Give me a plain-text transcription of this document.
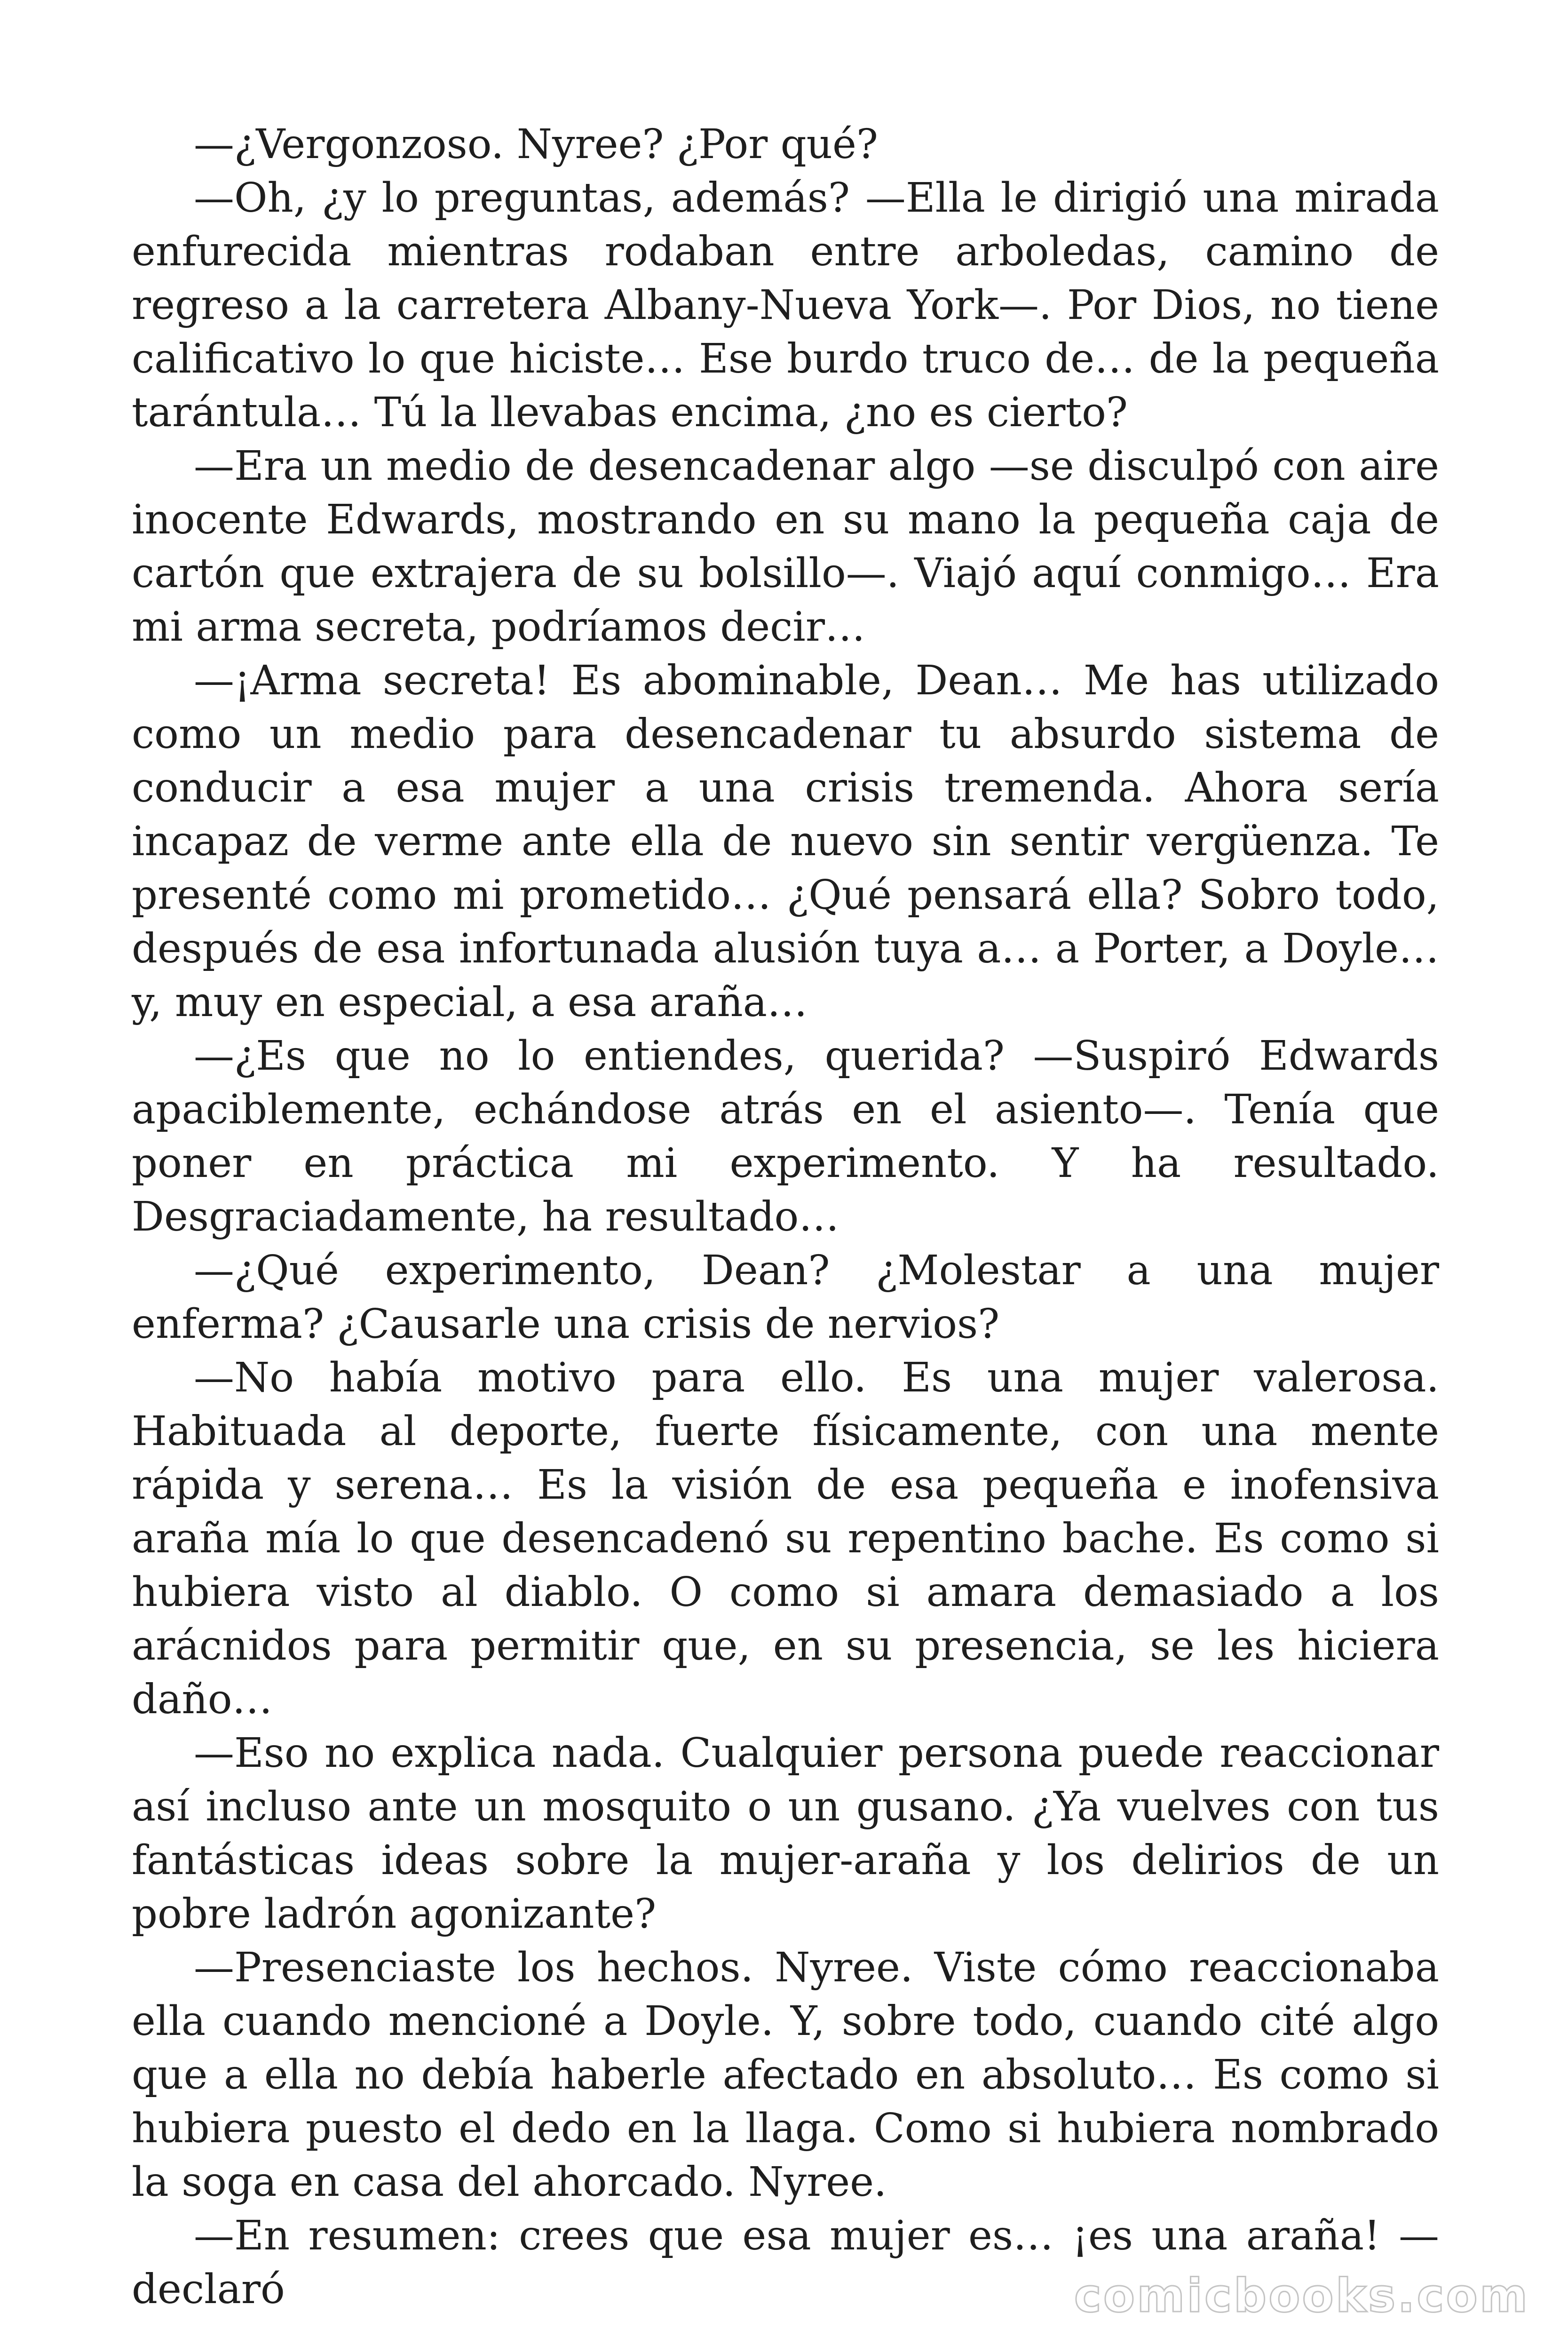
—¿Vergonzoso. Nyree? ¿Por qué?

—Oh, ¿y lo preguntas, además? —Ella le dirigió una mirada enfurecida mientras rodaban entre arboledas, camino de regreso a la carretera Albany-Nueva York—. Por Dios, no tiene calificativo lo que hiciste… Ese burdo truco de… de la pequeña tarántula… Tú la llevabas encima, ¿no es cierto?

—Era un medio de desencadenar algo —se disculpó con aire inocente Edwards, mostrando en su mano la pequeña caja de cartón que extrajera de su bolsillo—. Viajó aquí conmigo… Era mi arma secreta, podríamos decir…

—¡Arma secreta! Es abominable, Dean… Me has utilizado como un medio para desencadenar tu absurdo sistema de conducir a esa mujer a una crisis tremenda. Ahora sería incapaz de verme ante ella de nuevo sin sentir vergüenza. Te presenté como mi prometido… ¿Qué pensará ella? Sobro todo, después de esa infortunada alusión tuya a… a Porter, a Doyle… y, muy en especial, a esa araña…

—¿Es que no lo entiendes, querida? —Suspiró Edwards apaciblemente, echándose atrás en el asiento—. Tenía que poner en práctica mi experimento. Y ha resultado. Desgraciadamente, ha resultado…

—¿Qué experimento, Dean? ¿Molestar a una mujer enferma? ¿Causarle una crisis de nervios?

—No había motivo para ello. Es una mujer valerosa. Habituada al deporte, fuerte físicamente, con una mente rápida y serena… Es la visión de esa pequeña e inofensiva araña mía lo que desencadenó su repentino bache. Es como si hubiera visto al diablo. O como si amara demasiado a los arácnidos para permitir que, en su presencia, se les hiciera daño…

—Eso no explica nada. Cualquier persona puede reaccionar así incluso ante un mosquito o un gusano. ¿Ya vuelves con tus fantásticas ideas sobre la mujer-araña y los delirios de un pobre ladrón agonizante?

—Presenciaste los hechos. Nyree. Viste cómo reaccionaba ella cuando mencioné a Doyle. Y, sobre todo, cuando cité algo que a ella no debía haberle afectado en absoluto… Es como si hubiera puesto el dedo en la llaga. Como si hubiera nombrado la soga en casa del ahorcado. Nyree.

—En resumen: crees que esa mujer es… ¡es una araña! —declaró	comicbooks.com
